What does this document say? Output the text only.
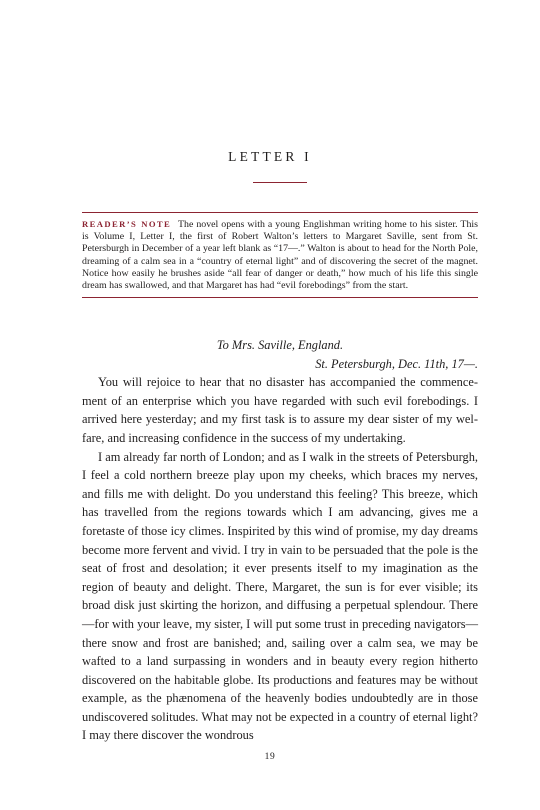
LETTER I
READER’S NOTE The novel opens with a young Englishman writing home to his sister. This is Volume I, Letter I, the first of Robert Walton’s letters to Margaret Saville, sent from St. Petersburgh in December of a year left blank as “17—.” Walton is about to head for the North Pole, dreaming of a calm sea in a “country of eternal light” and of discovering the secret of the magnet. Notice how easily he brushes aside “all fear of danger or death,” how much of his life this single dream has swallowed, and that Margaret has had “evil forebodings” from the start.

To Mrs. Saville, England.

St. Petersburgh, Dec. 11th, 17—.

You will rejoice to hear that no disaster has accompanied the commencement of an enterprise which you have regarded with such evil forebodings. I arrived here yesterday; and my first task is to assure my dear sister of my welfare, and increasing confidence in the success of my undertaking.

I am already far north of London; and as I walk in the streets of Petersburgh, I feel a cold northern breeze play upon my cheeks, which braces my nerves, and fills me with delight. Do you understand this feeling? This breeze, which has travelled from the regions towards which I am advancing, gives me a foretaste of those icy climes. Inspirited by this wind of promise, my day dreams become more fervent and vivid. I try in vain to be persuaded that the pole is the seat of frost and desolation; it ever presents itself to my imagination as the region of beauty and delight. There, Margaret, the sun is for ever visible; its broad disk just skirting the horizon, and diffusing a perpetual splendour. There—for with your leave, my sister, I will put some trust in preceding navigators—there snow and frost are banished; and, sailing over a calm sea, we may be wafted to a land surpassing in wonders and in beauty every region hitherto discovered on the habitable globe. Its productions and features may be without example, as the phænomena of the heavenly bodies undoubtedly are in those undiscovered solitudes. What may not be expected in a country of eternal light? I may there discover the wondrous

19
